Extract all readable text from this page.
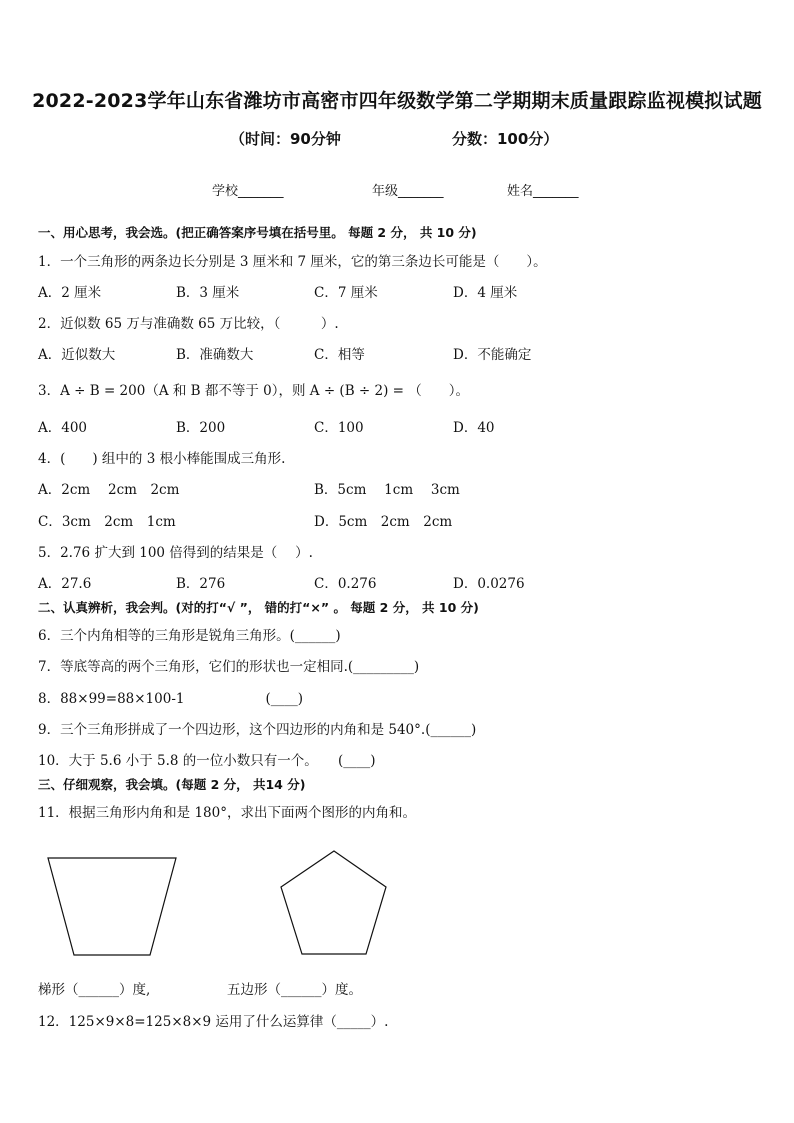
2022-2023学年山东省潍坊市高密市四年级数学第二学期期末质量跟踪监视模拟试题
（时间：90分钟	分数：100分）
学校_______	年级_______	姓名_______
一、用心思考，我会选。(把正确答案序号填在括号里。 每题 2 分， 共 10 分)
1．一个三角形的两条边长分别是 3 厘米和 7 厘米，它的第三条边长可能是（　　）。
A．2 厘米	B．3 厘米	C．7 厘米	D．4 厘米
2．近似数 65 万与准确数 65 万比较，（　　　）.
A．近似数大	B．准确数大	C．相等	D．不能确定
3．A ÷ B = 200（A 和 B 都不等于 0），则 A ÷ (B ÷ 2) = （　　）。
A．400	B．200	C．100	D．40
4．(　　) 组中的 3 根小棒能围成三角形.
A．2cm　 2cm　2cm	B．5cm　 1cm　 3cm
C．3cm　2cm　1cm	D．5cm　2cm　2cm
5．2.76 扩大到 100 倍得到的结果是（　 ）.
A．27.6	B．276	C．0.276	D．0.0276
二、认真辨析，我会判。(对的打“√ ”， 错的打“×” 。 每题 2 分， 共 10 分)
6．三个内角相等的三角形是锐角三角形。(______)
7．等底等高的两个三角形，它们的形状也一定相同.(_________)
8．88×99=88×100-1　　　　　　(____)
9．三个三角形拼成了一个四边形，这个四边形的内角和是 540°.(______)
10．大于 5.6 小于 5.8 的一位小数只有一个。　　(____)
三、仔细观察，我会填。(每题 2 分， 共14 分)
11．根据三角形内角和是 180°，求出下面两个图形的内角和。
梯形（______）度,	五边形（______）度。
12．125×9×8=125×8×9 运用了什么运算律（_____）.
